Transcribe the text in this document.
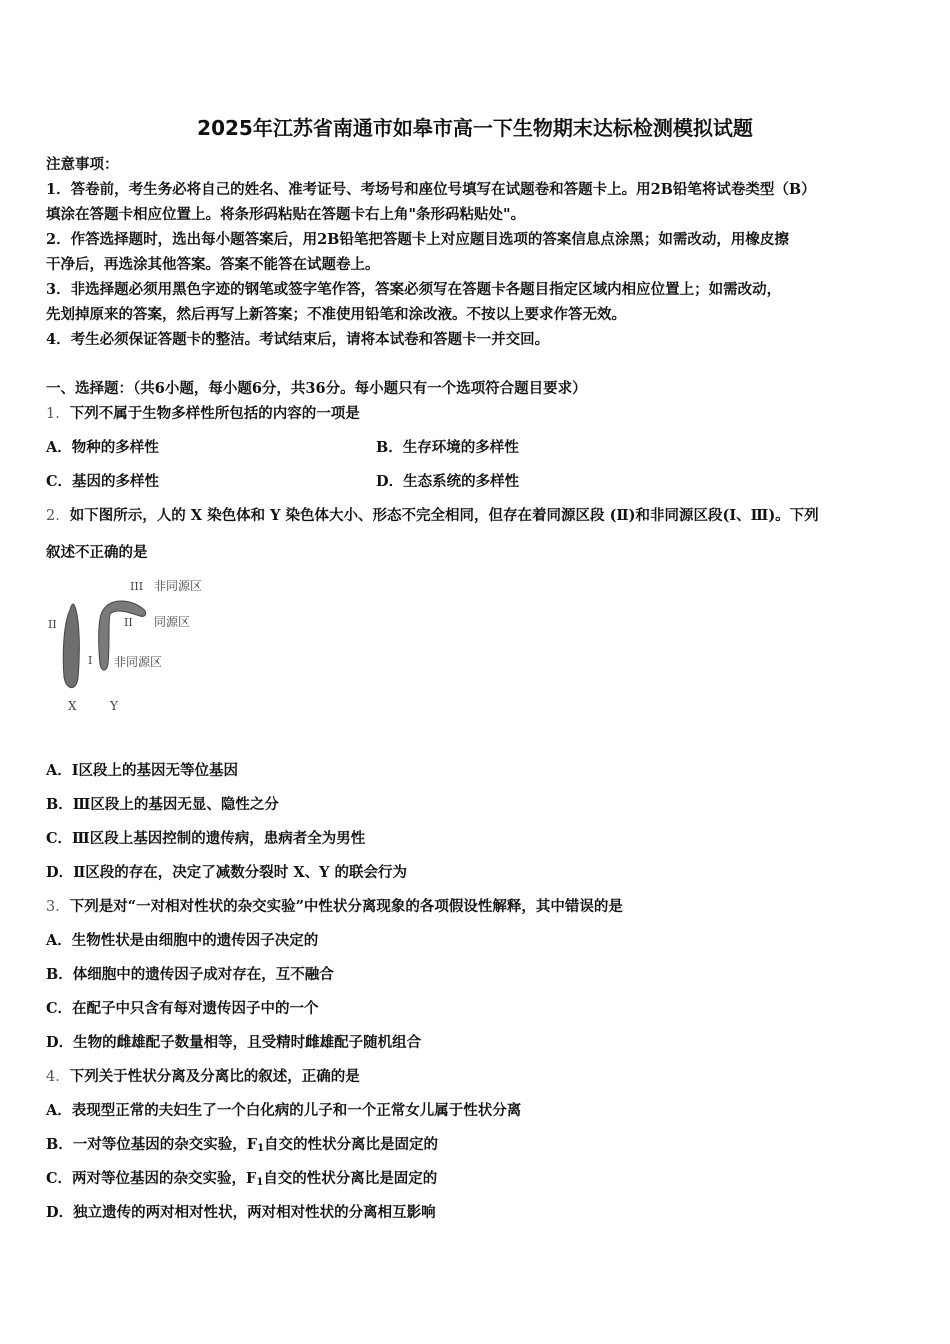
2025年江苏省南通市如皋市高一下生物期末达标检测模拟试题
注意事项：
1．答卷前，考生务必将自己的姓名、准考证号、考场号和座位号填写在试题卷和答题卡上。用2B铅笔将试卷类型（B）
填涂在答题卡相应位置上。将条形码粘贴在答题卡右上角"条形码粘贴处"。
2．作答选择题时，选出每小题答案后，用2B铅笔把答题卡上对应题目选项的答案信息点涂黑；如需改动，用橡皮擦
干净后，再选涂其他答案。答案不能答在试题卷上。
3．非选择题必须用黑色字迹的钢笔或签字笔作答，答案必须写在答题卡各题目指定区域内相应位置上；如需改动，
先划掉原来的答案，然后再写上新答案；不准使用铅笔和涂改液。不按以上要求作答无效。
4．考生必须保证答题卡的整洁。考试结束后，请将本试卷和答题卡一并交回。
一、选择题：（共6小题，每小题6分，共36分。每小题只有一个选项符合题目要求）
1．下列不属于生物多样性所包括的内容的一项是
A．物种的多样性	B．生存环境的多样性
C．基因的多样性	D．生态系统的多样性
2．如下图所示，人的 X 染色体和 Y 染色体大小、形态不完全相同，但存在着同源区段 (Ⅱ)和非同源区段(Ⅰ、Ⅲ)。下列
叙述不正确的是
III 非同源区
II	II 同源区
I 非同源区
X	Y
A．Ⅰ区段上的基因无等位基因
B．Ⅲ区段上的基因无显、隐性之分
C．Ⅲ区段上基因控制的遗传病，患病者全为男性
D．Ⅱ区段的存在，决定了减数分裂时 X、Y 的联会行为
3．下列是对“一对相对性状的杂交实验”中性状分离现象的各项假设性解释，其中错误的是
A．生物性状是由细胞中的遗传因子决定的
B．体细胞中的遗传因子成对存在，互不融合
C．在配子中只含有每对遗传因子中的一个
D．生物的雌雄配子数量相等，且受精时雌雄配子随机组合
4．下列关于性状分离及分离比的叙述，正确的是
A．表现型正常的夫妇生了一个白化病的儿子和一个正常女儿属于性状分离
B．一对等位基因的杂交实验，$F_1$自交的性状分离比是固定的
C．两对等位基因的杂交实验，$F_1$自交的性状分离比是固定的
D．独立遗传的两对相对性状，两对相对性状的分离相互影响
